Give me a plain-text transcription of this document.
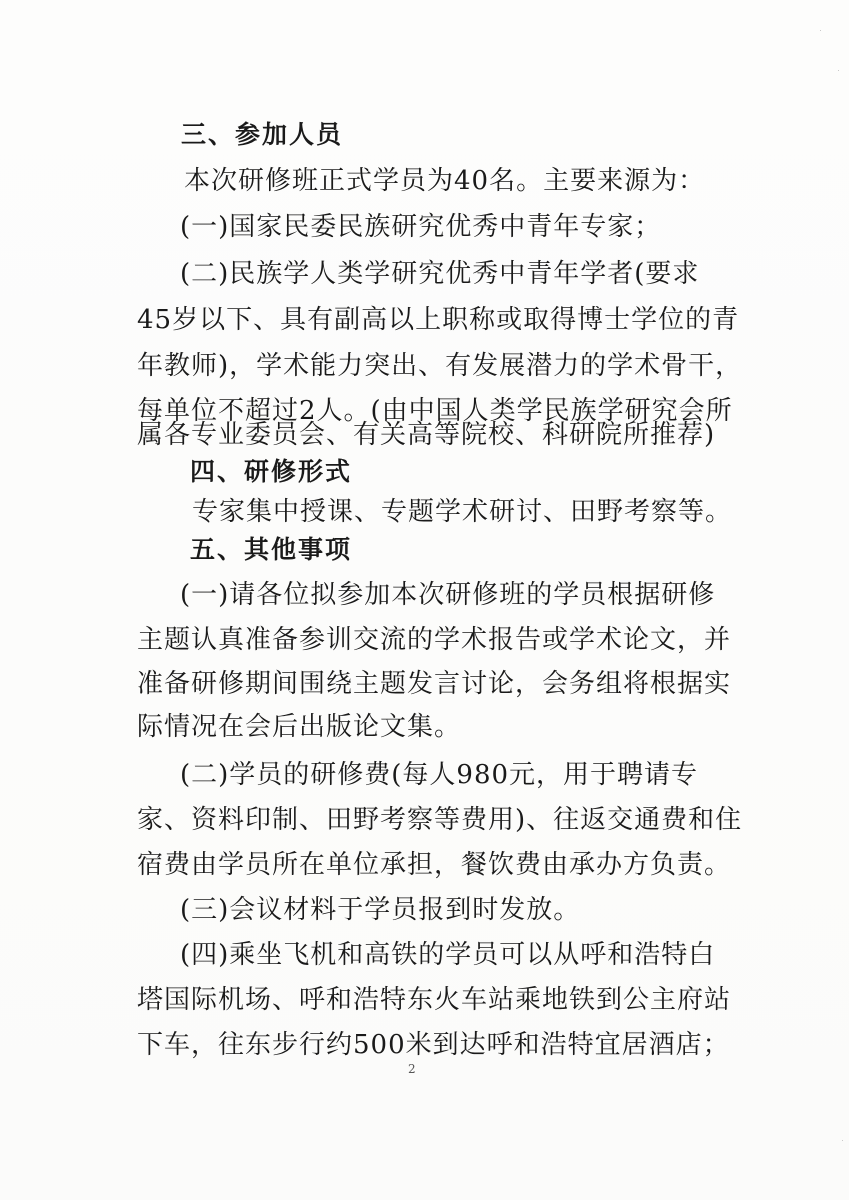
三、参加人员
本次研修班正式学员为40名。主要来源为：
(一)国家民委民族研究优秀中青年专家；
(二)民族学人类学研究优秀中青年学者(要求
45岁以下、具有副高以上职称或取得博士学位的青
年教师)，学术能力突出、有发展潜力的学术骨干，
每单位不超过2人。(由中国人类学民族学研究会所
属各专业委员会、有关高等院校、科研院所推荐)
四、研修形式
专家集中授课、专题学术研讨、田野考察等。
五、其他事项
(一)请各位拟参加本次研修班的学员根据研修
主题认真准备参训交流的学术报告或学术论文，并
准备研修期间围绕主题发言讨论，会务组将根据实
际情况在会后出版论文集。
(二)学员的研修费(每人980元，用于聘请专
家、资料印制、田野考察等费用)、往返交通费和住
宿费由学员所在单位承担，餐饮费由承办方负责。
(三)会议材料于学员报到时发放。
(四)乘坐飞机和高铁的学员可以从呼和浩特白
塔国际机场、呼和浩特东火车站乘地铁到公主府站
下车，往东步行约500米到达呼和浩特宜居酒店；
2
